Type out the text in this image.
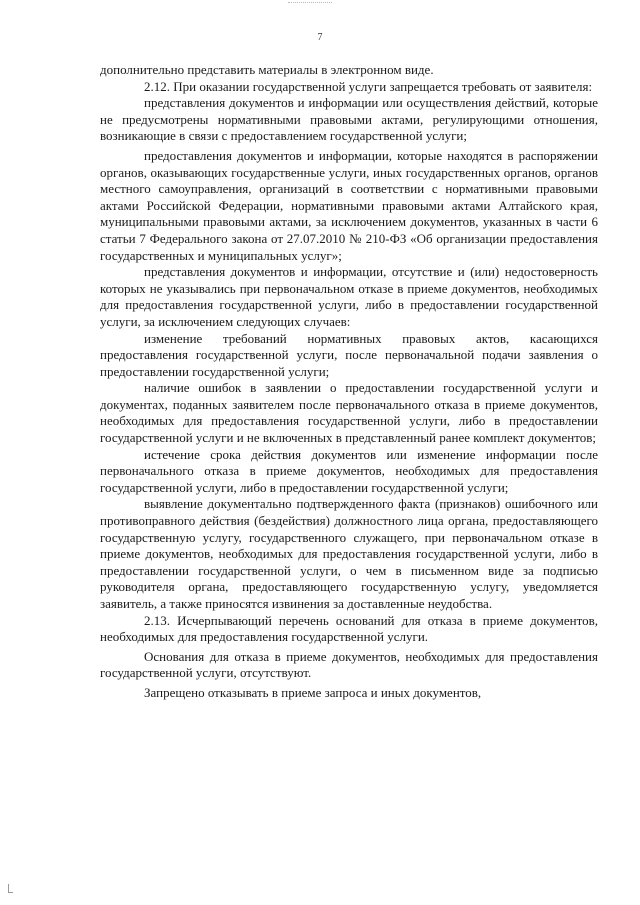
7

дополнительно представить материалы в электронном виде.

2.12. При оказании государственной услуги запрещается требовать от заявителя:

представления документов и информации или осуществления действий, которые не предусмотрены нормативными правовыми актами, регулирующими отношения, возникающие в связи с предоставлением государственной услуги;

предоставления документов и информации, которые находятся в распоряжении органов, оказывающих государственные услуги, иных государственных органов, органов местного самоуправления, организаций в соответствии с нормативными правовыми актами Российской Федерации, нормативными правовыми актами Алтайского края, муниципальными правовыми актами, за исключением документов, указанных в части 6 статьи 7 Федерального закона от 27.07.2010 № 210-ФЗ «Об организации предоставления государственных и муниципальных услуг»;

представления документов и информации, отсутствие и (или) недостоверность которых не указывались при первоначальном отказе в приеме документов, необходимых для предоставления государственной услуги, либо в предоставлении государственной услуги, за исключением следующих случаев:

изменение требований нормативных правовых актов, касающихся предоставления государственной услуги, после первоначальной подачи заявления о предоставлении государственной услуги;

наличие ошибок в заявлении о предоставлении государственной услуги и документах, поданных заявителем после первоначального отказа в приеме документов, необходимых для предоставления государственной услуги, либо в предоставлении государственной услуги и не включенных в представленный ранее комплект документов;

истечение срока действия документов или изменение информации после первоначального отказа в приеме документов, необходимых для предоставления государственной услуги, либо в предоставлении государственной услуги;

выявление документально подтвержденного факта (признаков) ошибочного или противоправного действия (бездействия) должностного лица органа, предоставляющего государственную услугу, государственного служащего, при первоначальном отказе в приеме документов, необходимых для предоставления государственной услуги, либо в предоставлении государственной услуги, о чем в письменном виде за подписью руководителя органа, предоставляющего государственную услугу, уведомляется заявитель, а также приносятся извинения за доставленные неудобства.

2.13. Исчерпывающий перечень оснований для отказа в приеме документов, необходимых для предоставления государственной услуги.

Основания для отказа в приеме документов, необходимых для предоставления государственной услуги, отсутствуют.

Запрещено отказывать в приеме запроса и иных документов,
